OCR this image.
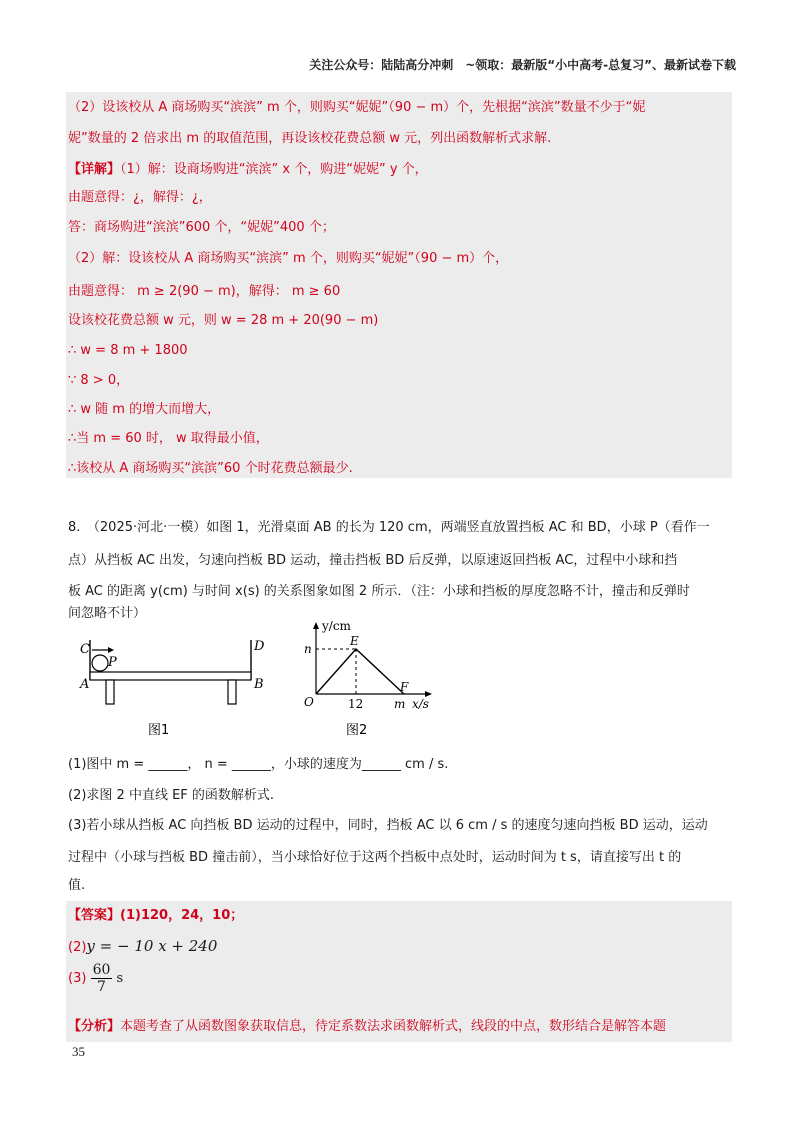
关注公众号：陆陆高分冲刺　~领取：最新版“小中高考-总复习”、最新试卷下载
（2）设该校从 A 商场购买“滨滨” m 个，则购买“妮妮”（90 − m）个，先根据“滨滨”数量不少于“妮
妮”数量的 2 倍求出 m 的取值范围，再设该校花费总额 w 元，列出函数解析式求解.
【详解】（1）解：设商场购进“滨滨” x 个，购进“妮妮” y 个，
由题意得：¿，解得：¿，
答：商场购进“滨滨”600 个，“妮妮”400 个；
（2）解：设该校从 A 商场购买“滨滨” m 个，则购买“妮妮”（90 − m）个，
由题意得： m ≥ 2(90 − m)，解得： m ≥ 60
设该校花费总额 w 元，则 w = 28 m + 20(90 − m)
∴ w = 8 m + 1800
∵ 8 > 0，
∴ w 随 m 的增大而增大，
∴当 m = 60 时， w 取得最小值，
∴该校从 A 商场购买“滨滨”60 个时花费总额最少.
8.　（2025·河北·一模）如图 1，光滑桌面 AB 的长为 120 cm，两端竖直放置挡板 AC 和 BD，小球 P（看作一
点）从挡板 AC 出发，匀速向挡板 BD 运动，撞击挡板 BD 后反弹，以原速返回挡板 AC，过程中小球和挡
板 AC 的距离 y(cm) 与时间 x(s) 的关系图象如图 2 所示．（注：小球和挡板的厚度忽略不计，撞击和反弹时
间忽略不计）
C
P
D
A	B
图1
y/cm
x/s
E
F
n
O	12	m
图2
(1)图中 m = ______， n = ______，小球的速度为______ cm / s.
(2)求图 2 中直线 EF 的函数解析式.
(3)若小球从挡板 AC 向挡板 BD 运动的过程中，同时，挡板 AC 以 6 cm / s 的速度匀速向挡板 BD 运动，运动
过程中（小球与挡板 BD 撞击前），当小球恰好位于这两个挡板中点处时，运动时间为 t s，请直接写出 t 的
值.
【答案】(1)120，24，10；
(2)y = − 10 x + 240
$(3) \frac{60}{7}$ s
【分析】本题考查了从函数图象获取信息，待定系数法求函数解析式，线段的中点，数形结合是解答本题
35
